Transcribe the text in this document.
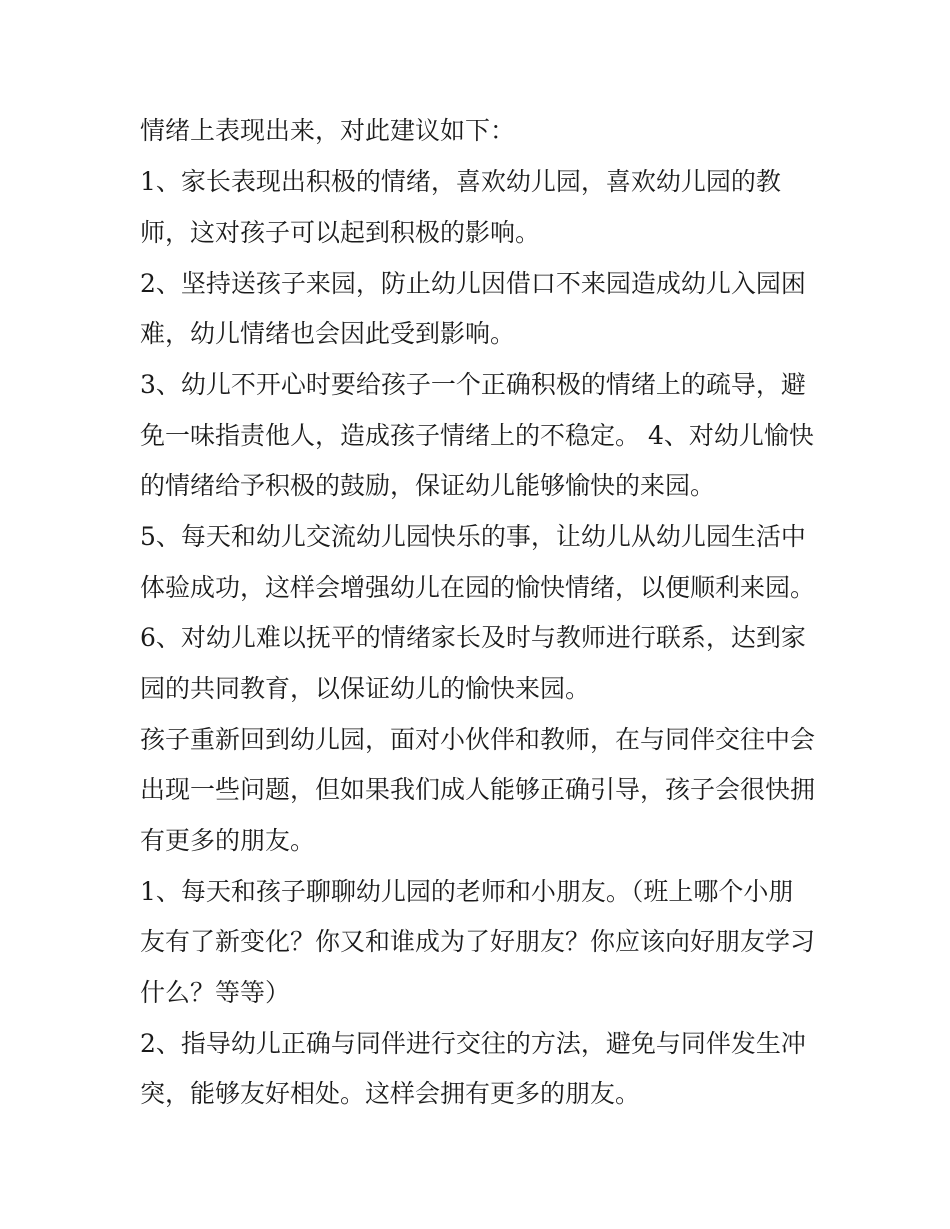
情绪上表现出来，对此建议如下：
1、家长表现出积极的情绪，喜欢幼儿园，喜欢幼儿园的教
师，这对孩子可以起到积极的影响。
2、坚持送孩子来园，防止幼儿因借口不来园造成幼儿入园困
难，幼儿情绪也会因此受到影响。
3、幼儿不开心时要给孩子一个正确积极的情绪上的疏导，避
免一味指责他人，造成孩子情绪上的不稳定。 4、对幼儿愉快
的情绪给予积极的鼓励，保证幼儿能够愉快的来园。
5、每天和幼儿交流幼儿园快乐的事，让幼儿从幼儿园生活中
体验成功，这样会增强幼儿在园的愉快情绪，以便顺利来园。
6、对幼儿难以抚平的情绪家长及时与教师进行联系，达到家
园的共同教育，以保证幼儿的愉快来园。
孩子重新回到幼儿园，面对小伙伴和教师，在与同伴交往中会
出现一些问题，但如果我们成人能够正确引导，孩子会很快拥
有更多的朋友。
1、每天和孩子聊聊幼儿园的老师和小朋友。（班上哪个小朋
友有了新变化？你又和谁成为了好朋友？你应该向好朋友学习
什么？等等）
2、指导幼儿正确与同伴进行交往的方法，避免与同伴发生冲
突，能够友好相处。这样会拥有更多的朋友。
